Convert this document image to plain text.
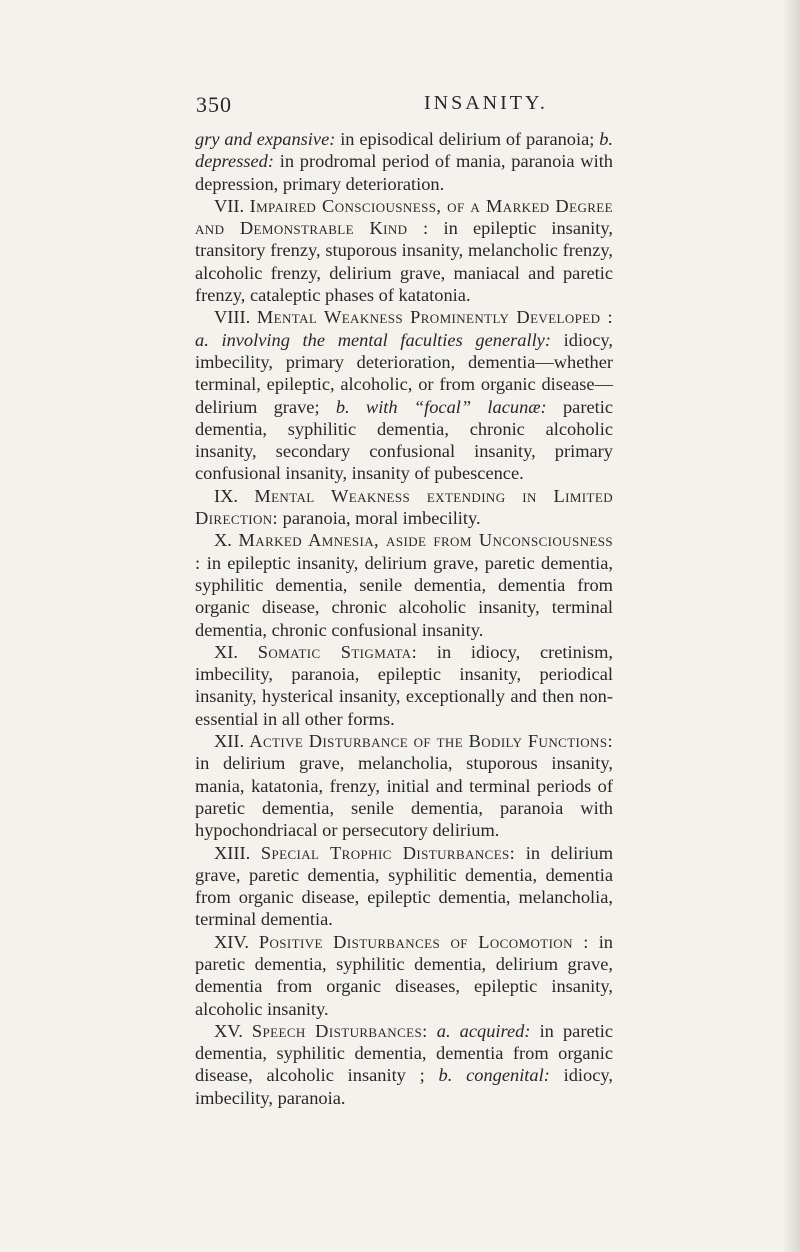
350	INSANITY.

gry and expansive: in episodical delirium of paranoia; b. depressed: in prodromal period of mania, paranoia with depression, primary deterioration.

VII. Impaired Consciousness, of a Marked Degree and Demonstrable Kind : in epileptic insanity, transitory frenzy, stuporous insanity, melancholic frenzy, alcoholic frenzy, delirium grave, maniacal and paretic frenzy, cataleptic phases of katatonia.

VIII. Mental Weakness Prominently Developed : a. involving the mental faculties generally: idiocy, imbecility, primary deterioration, dementia—whether terminal, epileptic, alcoholic, or from organic disease—delirium grave; b. with “focal” lacunæ: paretic dementia, syphilitic dementia, chronic alcoholic insanity, secondary confusional insanity, primary confusional insanity, insanity of pubescence.

IX. Mental Weakness extending in Limited Direction: paranoia, moral imbecility.

X. Marked Amnesia, aside from Unconsciousness : in epileptic insanity, delirium grave, paretic dementia, syphilitic dementia, senile dementia, dementia from organic disease, chronic alcoholic insanity, terminal dementia, chronic confusional insanity.

XI. Somatic Stigmata: in idiocy, cretinism, imbecility, paranoia, epileptic insanity, periodical insanity, hysterical insanity, exceptionally and then non-essential in all other forms.

XII. Active Disturbance of the Bodily Functions: in delirium grave, melancholia, stuporous insanity, mania, katatonia, frenzy, initial and terminal periods of paretic dementia, senile dementia, paranoia with hypochondriacal or persecutory delirium.

XIII. Special Trophic Disturbances: in delirium grave, paretic dementia, syphilitic dementia, dementia from organic disease, epileptic dementia, melancholia, terminal dementia.

XIV. Positive Disturbances of Locomotion : in paretic dementia, syphilitic dementia, delirium grave, dementia from organic diseases, epileptic insanity, alcoholic insanity.

XV. Speech Disturbances: a. acquired: in paretic dementia, syphilitic dementia, dementia from organic disease, alcoholic insanity ; b. congenital: idiocy, imbecility, paranoia.
